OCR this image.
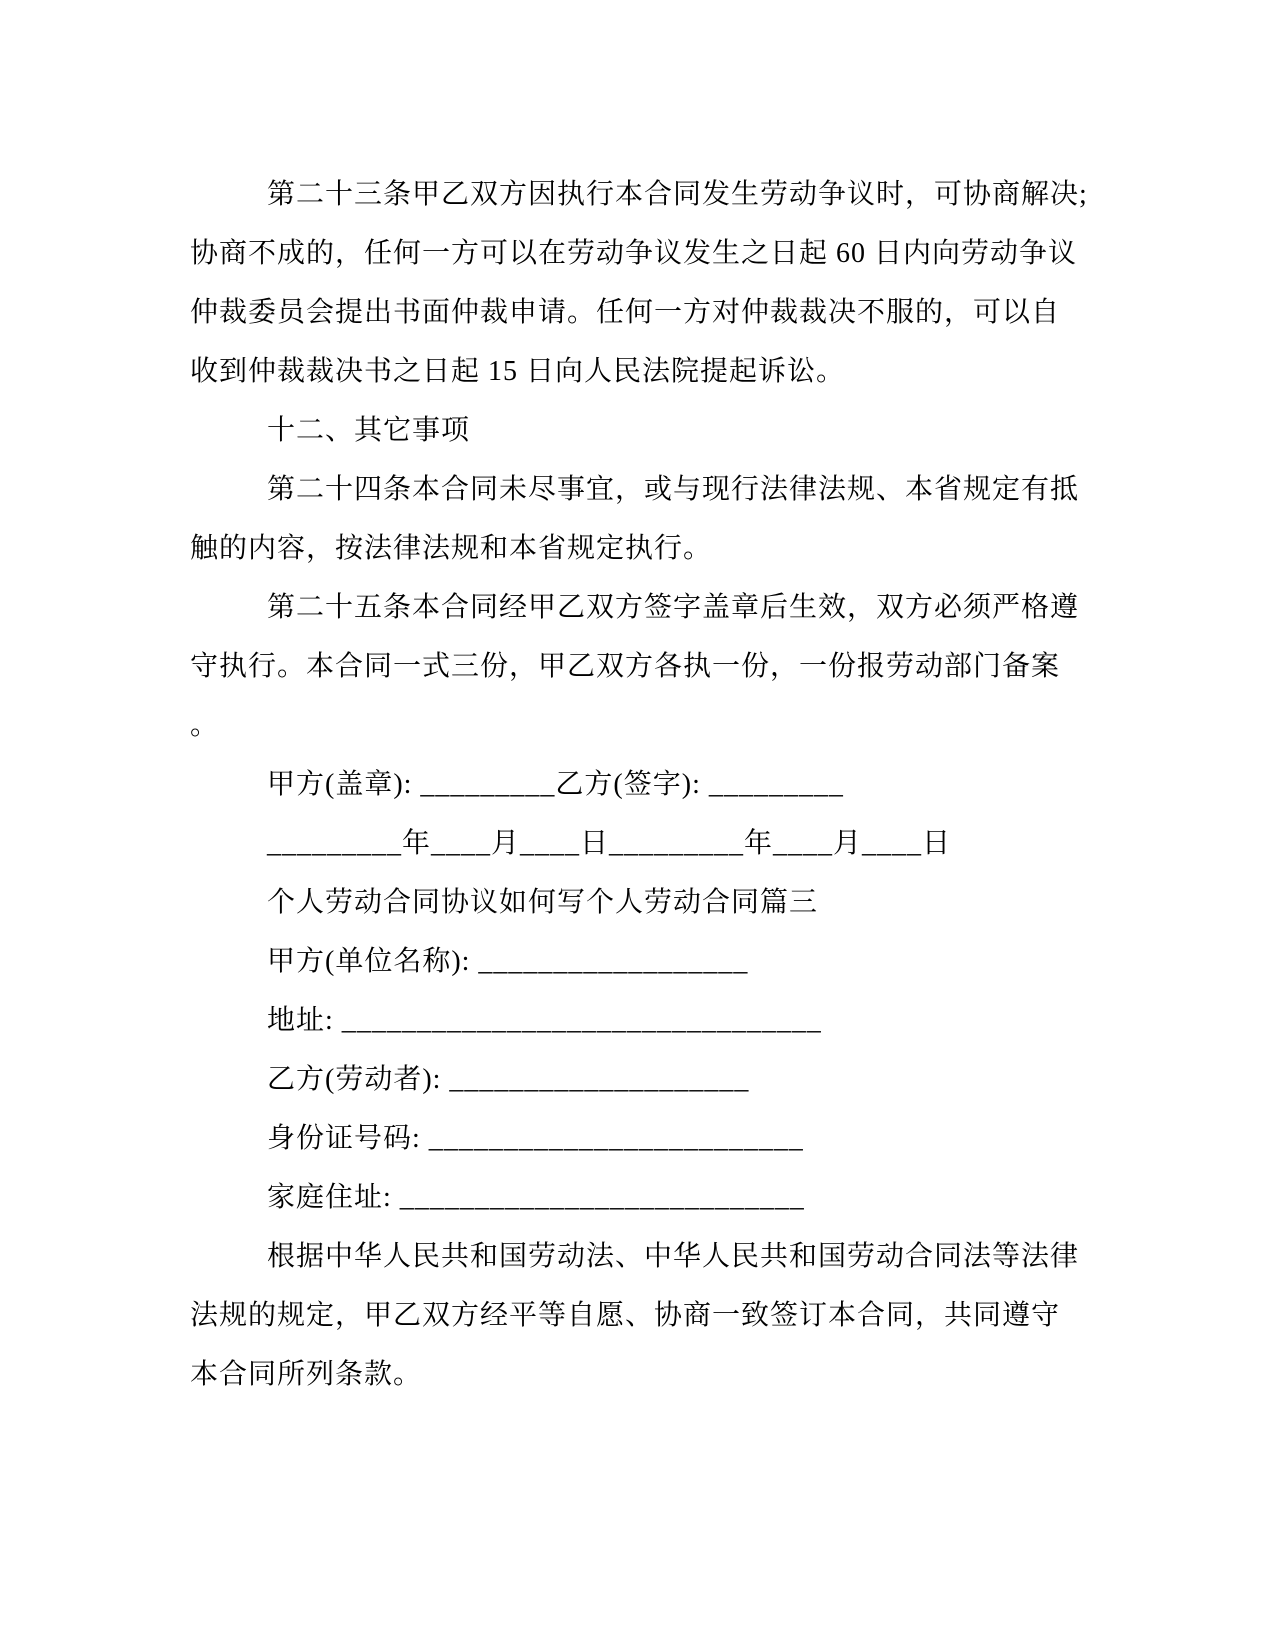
第二十三条甲乙双方因执行本合同发生劳动争议时，可协商解决;
协商不成的，任何一方可以在劳动争议发生之日起 60 日内向劳动争议
仲裁委员会提出书面仲裁申请。任何一方对仲裁裁决不服的，可以自
收到仲裁裁决书之日起 15 日向人民法院提起诉讼。
十二、其它事项
第二十四条本合同未尽事宜，或与现行法律法规、本省规定有抵
触的内容，按法律法规和本省规定执行。
第二十五条本合同经甲乙双方签字盖章后生效，双方必须严格遵
守执行。本合同一式三份，甲乙双方各执一份，一份报劳动部门备案
。
甲方(盖章): _________乙方(签字): _________
_________年____月____日_________年____月____日
个人劳动合同协议如何写个人劳动合同篇三
甲方(单位名称): __________________
地址: ________________________________
乙方(劳动者): ____________________
身份证号码: _________________________
家庭住址: ___________________________
根据中华人民共和国劳动法、中华人民共和国劳动合同法等法律
法规的规定，甲乙双方经平等自愿、协商一致签订本合同，共同遵守
本合同所列条款。
